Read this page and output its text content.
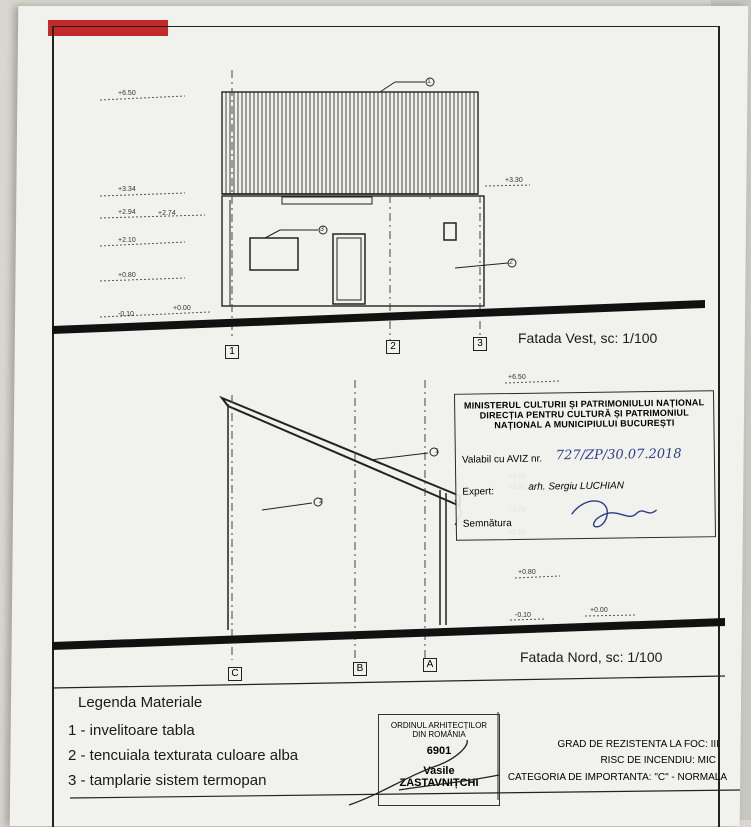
+6.50
+3.34
+2.94	+2.74
+2.10
+0.80
+0.00
-0.10
+3.30
1
3
2
1	2	3	Fatada Vest, sc: 1/100
+6.50
+0.80
-0.10
+0.00
1
2
C	B	A	Fatada Nord, sc: 1/100
MINISTERUL CULTURII ȘI PATRIMONIULUI NAȚIONAL
DIRECȚIA PENTRU CULTURĂ ȘI PATRIMONIUL
NAȚIONAL A MUNICIPIULUI BUCUREȘTI
Valabil cu AVIZ nr. 727/ZP/30.07.2018
Expert:	arh. Sergiu LUCHIAN
Semnătura
Legenda Materiale
1 - invelitoare tabla
2 - tencuiala texturata culoare alba
3 - tamplarie sistem termopan
ORDINUL ARHITECȚILOR
DIN ROMÂNIA
6901
Vasile
ZASTAVNIȚCHI
GRAD DE REZISTENTA LA FOC: III
RISC DE INCENDIU: MIC
CATEGORIA DE IMPORTANTA: "C" - NORMALA
